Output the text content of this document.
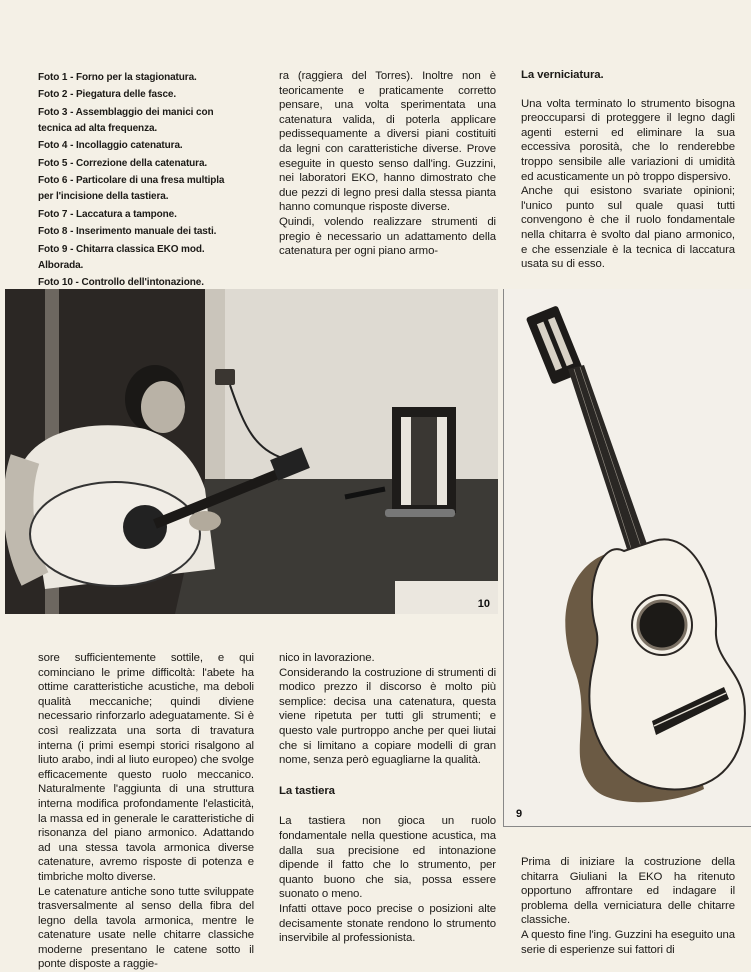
Foto 1 - Forno per la stagionatura.
Foto 2 - Piegatura delle fasce.
Foto 3 - Assemblaggio dei manici con tecnica ad alta frequenza.
Foto 4 - Incollaggio catenatura.
Foto 5 - Correzione della catenatura.
Foto 6 - Particolare di una fresa multipla per l'incisione della tastiera.
Foto 7 - Laccatura a tampone.
Foto 8 - Inserimento manuale dei tasti.
Foto 9 - Chitarra classica EKO mod. Alborada.
Foto 10 - Controllo dell'intonazione.

ra (raggiera del Torres). Inoltre non è teoricamente e praticamente corretto pensare, una volta sperimentata una catenatura valida, di poterla applicare pedissequamente a diversi piani costituiti da legni con caratteristiche diverse. Prove eseguite in questo senso dall'ing. Guzzini, nei laboratori EKO, hanno dimostrato che due pezzi di legno presi dalla stessa pianta hanno comunque risposte diverse.

Quindi, volendo realizzare strumenti di pregio è necessario un adattamento della catenatura per ogni piano armo-

La verniciatura.

Una volta terminato lo strumento bisogna preoccuparsi di proteggere il legno dagli agenti esterni ed eliminare la sua eccessiva porosità, che lo renderebbe troppo sensibile alle variazioni di umidità ed acusticamente un pò troppo dispersivo.

Anche qui esistono svariate opinioni; l'unico punto sul quale quasi tutti convengono è che il ruolo fondamentale nella chitarra è svolto dal piano armonico, e che essenziale è la tecnica di laccatura usata su di esso.

10
9

sore sufficientemente sottile, e qui cominciano le prime difficoltà: l'abete ha ottime caratteristiche acustiche, ma deboli qualità meccaniche; quindi diviene necessario rinforzarlo adeguatamente. Si è così realizzata una sorta di travatura interna (i primi esempi storici risalgono al liuto arabo, indi al liuto europeo) che svolge efficacemente questo ruolo meccanico. Naturalmente l'aggiunta di una struttura interna modifica profondamente l'elasticità, la massa ed in generale le caratteristiche di risonanza del piano armonico. Adattando ad una stessa tavola armonica diverse catenature, avremo risposte di potenza e timbriche molto diverse.

Le catenature antiche sono tutte sviluppate trasversalmente al senso della fibra del legno della tavola armonica, mentre le catenature usate nelle chitarre classiche moderne presentano le catene sotto il ponte disposte a raggie-

nico in lavorazione.

Considerando la costruzione di strumenti di modico prezzo il discorso è molto più semplice: decisa una catenatura, questa viene ripetuta per tutti gli strumenti; e questo vale purtroppo anche per quei liutai che si limitano a copiare modelli di gran nome, senza però eguagliarne la qualità.

La tastiera

La tastiera non gioca un ruolo fondamentale nella questione acustica, ma dalla sua precisione ed intonazione dipende il fatto che lo strumento, per quanto buono che sia, possa essere suonato o meno.

Infatti ottave poco precise o posizioni alte decisamente stonate rendono lo strumento inservibile al professionista.

Prima di iniziare la costruzione della chitarra Giuliani la EKO ha ritenuto opportuno affrontare ed indagare il problema della verniciatura delle chitarre classiche.

A questo fine l'ing. Guzzini ha eseguito una serie di esperienze sui fattori di
